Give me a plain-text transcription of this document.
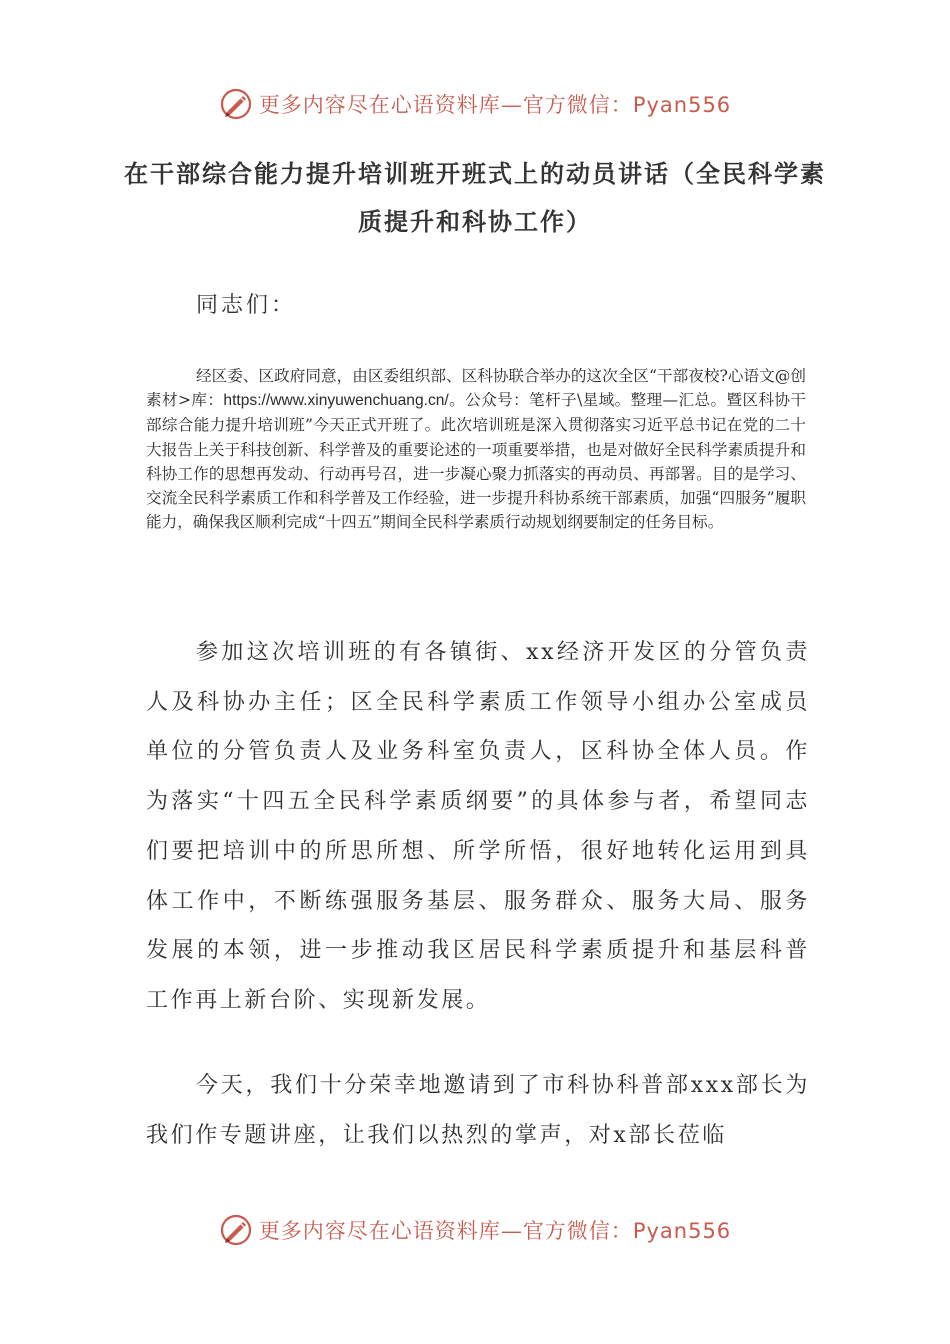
更多内容尽在心语资料库—官方微信：Pyan556
在干部综合能力提升培训班开班式上的动员讲话（全民科学素质提升和科协工作）
同志们：

经区委、区政府同意，由区委组织部、区科协联合举办的这次全区“干部夜校?心语文@创素材>库：https://www.xinyuwenchuang.cn/。公众号：笔杆子\星域。整理—汇总。暨区科协干部综合能力提升培训班”今天正式开班了。此次培训班是深入贯彻落实习近平总书记在党的二十大报告上关于科技创新、科学普及的重要论述的一项重要举措，也是对做好全民科学素质提升和科协工作的思想再发动、行动再号召，进一步凝心聚力抓落实的再动员、再部署。目的是学习、交流全民科学素质工作和科学普及工作经验，进一步提升科协系统干部素质，加强“四服务”履职能力，确保我区顺利完成“十四五”期间全民科学素质行动规划纲要制定的任务目标。

参加这次培训班的有各镇街、xx经济开发区的分管负责人及科协办主任；区全民科学素质工作领导小组办公室成员单位的分管负责人及业务科室负责人，区科协全体人员。作为落实“十四五全民科学素质纲要”的具体参与者，希望同志们要把培训中的所思所想、所学所悟，很好地转化运用到具体工作中，不断练强服务基层、服务群众、服务大局、服务发展的本领，进一步推动我区居民科学素质提升和基层科普工作再上新台阶、实现新发展。

今天，我们十分荣幸地邀请到了市科协科普部xxx部长为我们作专题讲座，让我们以热烈的掌声，对x部长莅临

更多内容尽在心语资料库—官方微信：Pyan556
